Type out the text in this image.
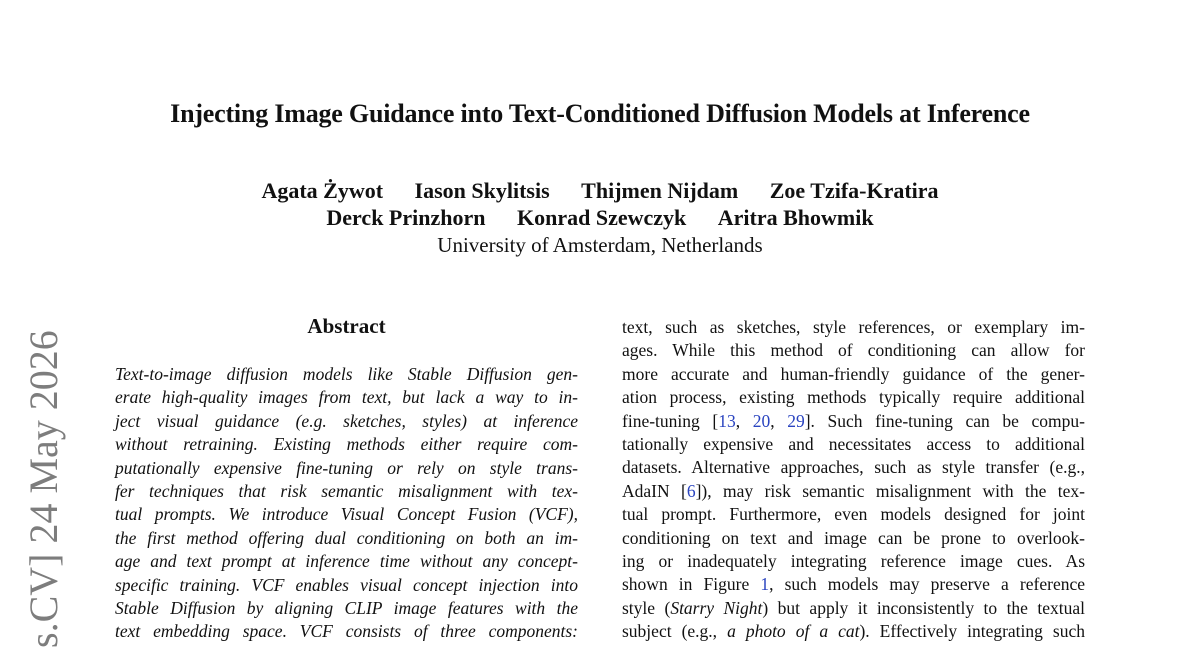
s.CV] 24 May 2026
Injecting Image Guidance into Text-Conditioned Diffusion Models at Inference
Agata Żywot Iason Skylitsis Thijmen Nijdam Zoe Tzifa-Kratira
Derck Prinzhorn Konrad Szewczyk Aritra Bhowmik
University of Amsterdam, Netherlands
Abstract
Text-to-image diffusion models like Stable Diffusion gen-
erate high-quality images from text, but lack a way to in-
ject visual guidance (e.g. sketches, styles) at inference
without retraining. Existing methods either require com-
putationally expensive fine-tuning or rely on style trans-
fer techniques that risk semantic misalignment with tex-
tual prompts. We introduce Visual Concept Fusion (VCF),
the first method offering dual conditioning on both an im-
age and text prompt at inference time without any concept-
specific training. VCF enables visual concept injection into
Stable Diffusion by aligning CLIP image features with the
text embedding space. VCF consists of three components:
text, such as sketches, style references, or exemplary im-
ages. While this method of conditioning can allow for
more accurate and human-friendly guidance of the gener-
ation process, existing methods typically require additional
fine-tuning [13, 20, 29]. Such fine-tuning can be compu-
tationally expensive and necessitates access to additional
datasets. Alternative approaches, such as style transfer (e.g.,
AdaIN [6]), may risk semantic misalignment with the tex-
tual prompt. Furthermore, even models designed for joint
conditioning on text and image can be prone to overlook-
ing or inadequately integrating reference image cues. As
shown in Figure 1, such models may preserve a reference
style (Starry Night) but apply it inconsistently to the textual
subject (e.g., a photo of a cat). Effectively integrating such
